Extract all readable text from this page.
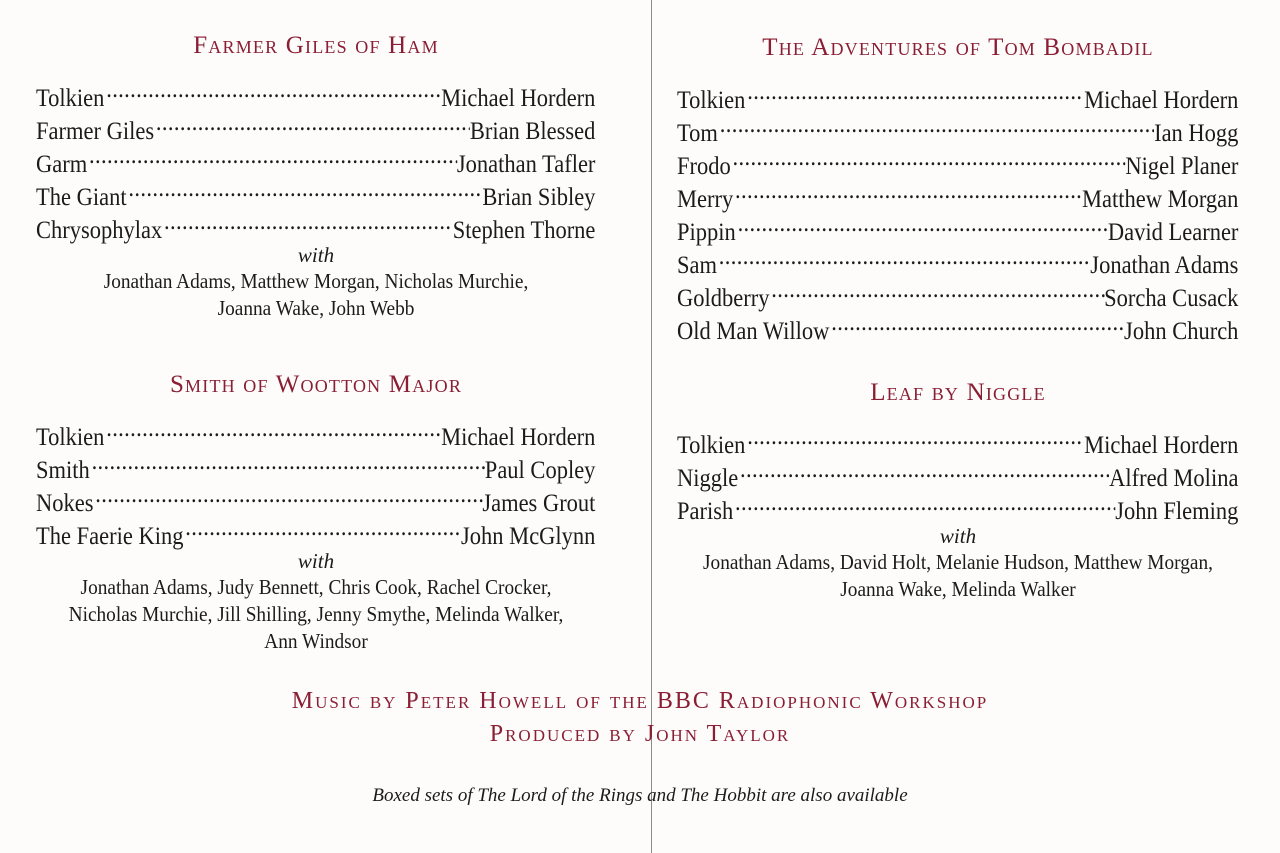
Farmer Giles of Ham
Tolkien .....	Michael Hordern
Farmer Giles .....	Brian Blessed
Garm .....	Jonathan Tafler
The Giant .....	Brian Sibley
Chrysophylax .....	Stephen Thorne
with
Jonathan Adams, Matthew Morgan, Nicholas Murchie,
Joanna Wake, John Webb
Smith of Wootton Major
Tolkien .....	Michael Hordern
Smith .....	Paul Copley
Nokes .....	James Grout
The Faerie King .....	John McGlynn
with
Jonathan Adams, Judy Bennett, Chris Cook, Rachel Crocker,
Nicholas Murchie, Jill Shilling, Jenny Smythe, Melinda Walker,
Ann Windsor
The Adventures of Tom Bombadil
Tolkien .....	Michael Hordern
Tom .....	Ian Hogg
Frodo .....	Nigel Planer
Merry .....	Matthew Morgan
Pippin .....	David Learner
Sam .....	Jonathan Adams
Goldberry .....	Sorcha Cusack
Old Man Willow .....	John Church
Leaf by Niggle
Tolkien .....	Michael Hordern
Niggle .....	Alfred Molina
Parish .....	John Fleming
with
Jonathan Adams, David Holt, Melanie Hudson, Matthew Morgan,
Joanna Wake, Melinda Walker
Music by Peter Howell of the BBC Radiophonic Workshop
Produced by John Taylor
Boxed sets of The Lord of the Rings and The Hobbit are also available
